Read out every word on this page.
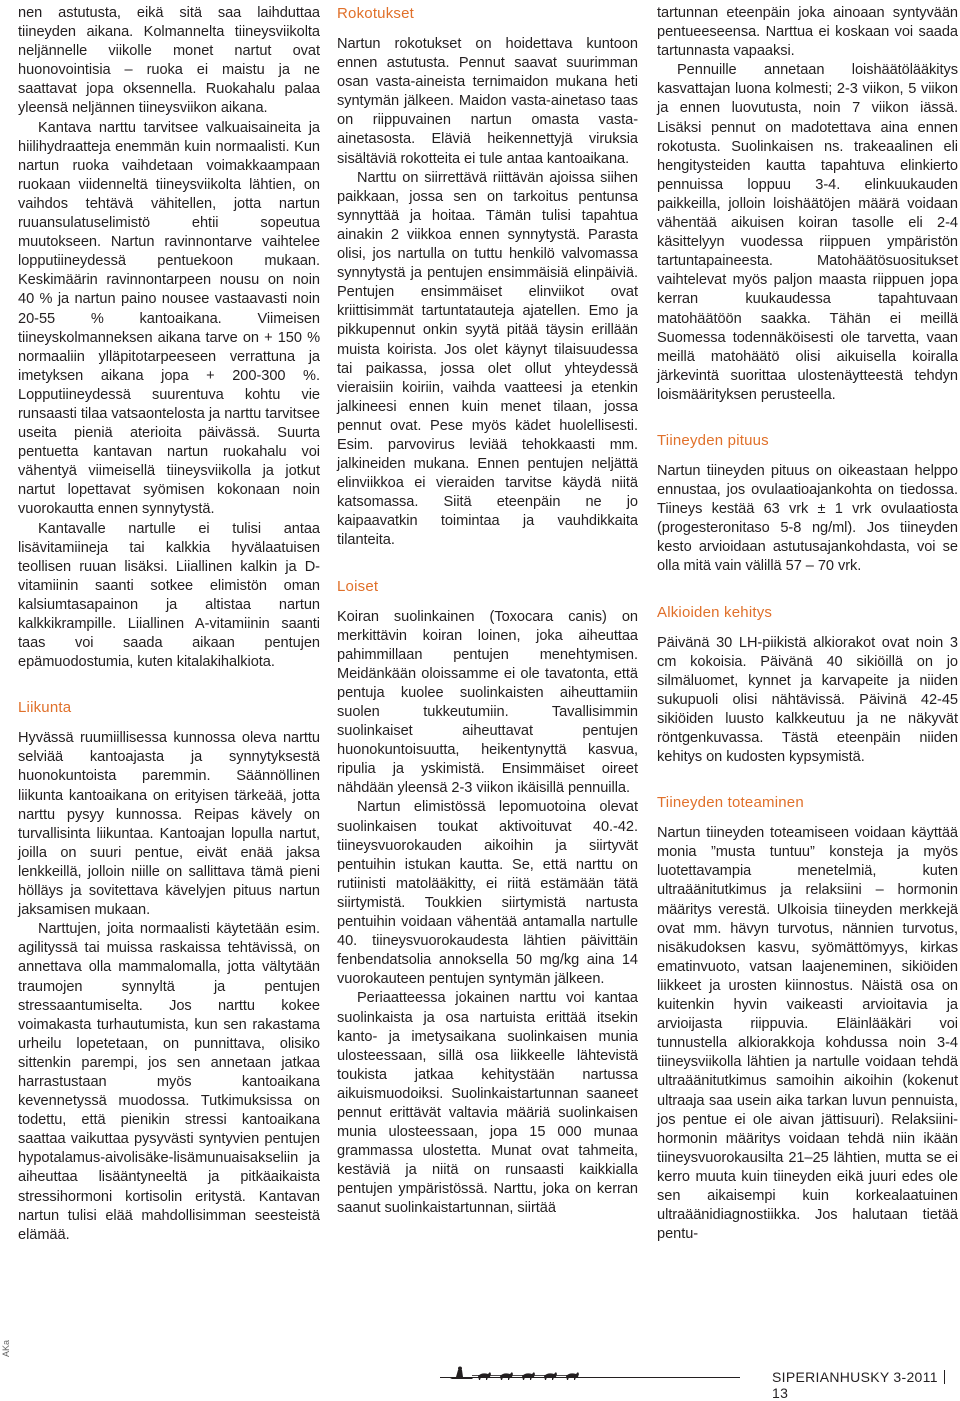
nen astutusta, eikä sitä saa laihduttaa tiineyden aikana. Kolmannelta tiineysviikolta neljännelle viikolle monet nartut ovat huonovointisia – ruoka ei maistu ja ne saattavat jopa oksennella. Ruokahalu palaa yleensä neljännen tiineysviikon aikana.

Kantava narttu tarvitsee valkuaisaineita ja hiilihydraatteja enemmän kuin normaalisti. Kun nartun ruoka vaihdetaan voimakkaampaan ruokaan viidenneltä tiineysviikolta lähtien, on vaihdos tehtävä vähitellen, jotta nartun ruuansulatuselimistö ehtii sopeutua muutokseen. Nartun ravinnontarve vaihtelee lopputiineydessä pentuekoon mukaan. Keskimäärin ravinnontarpeen nousu on noin 40 % ja nartun paino nousee vastaavasti noin 20-55 % kantoaikana. Viimeisen tiineyskolmanneksen aikana tarve on + 150 % normaaliin ylläpitotarpeeseen verrattuna ja imetyksen aikana jopa + 200-300 %. Lopputiineydessä suurentuva kohtu vie runsaasti tilaa vatsaontelosta ja narttu tarvitsee useita pieniä aterioita päivässä. Suurta pentuetta kantavan nartun ruokahalu voi vähentyä viimeisellä tiineysviikolla ja jotkut nartut lopettavat syömisen kokonaan noin vuorokautta ennen synnytystä.

Kantavalle nartulle ei tulisi antaa lisävitamiineja tai kalkkia hyvälaatuisen teollisen ruuan lisäksi. Liiallinen kalkin ja D-vitamiinin saanti sotkee elimistön oman kalsiumtasapainon ja altistaa nartun kalkkikrampille. Liiallinen A-vitamiinin saanti taas voi saada aikaan pentujen epämuodostumia, kuten kitalakihalkiota.

Liikunta

Hyvässä ruumiillisessa kunnossa oleva narttu selviää kantoajasta ja synnytyksestä huonokuntoista paremmin. Säännöllinen liikunta kantoaikana on erityisen tärkeää, jotta narttu pysyy kunnossa. Reipas kävely on turvallisinta liikuntaa. Kantoajan lopulla nartut, joilla on suuri pentue, eivät enää jaksa lenkkeillä, jolloin niille on sallittava tämä pieni hölläys ja sovitettava kävelyjen pituus nartun jaksamisen mukaan.

Narttujen, joita normaalisti käytetään esim. agilityssä tai muissa raskaissa tehtävissä, on annettava olla mammalomalla, jotta vältytään traumojen synnyltä ja pentujen stressaantumiselta. Jos narttu kokee voimakasta turhautumista, kun sen rakastama urheilu lopetetaan, on punnittava, olisiko sittenkin parempi, jos sen annetaan jatkaa harrastustaan myös kantoaikana kevennetyssä muodossa. Tutkimuksissa on todettu, että pienikin stressi kantoaikana saattaa vaikuttaa pysyvästi syntyvien pentujen hypotalamus-aivolisäke-lisämunuaisakseliin ja aiheuttaa lisääntyneeltä ja pitkäaikaista stressihormoni kortisolin eritystä. Kantavan nartun tulisi elää mahdollisimman seesteistä elämää.

Rokotukset

Nartun rokotukset on hoidettava kuntoon ennen astutusta. Pennut saavat suurimman osan vasta-aineista ternimaidon mukana heti syntymän jälkeen. Maidon vasta-ainetaso taas on riippuvainen nartun omasta vasta-ainetasosta. Eläviä heikennettyjä viruksia sisältäviä rokotteita ei tule antaa kantoaikana.

Narttu on siirrettävä riittävän ajoissa siihen paikkaan, jossa sen on tarkoitus pentunsa synnyttää ja hoitaa. Tämän tulisi tapahtua ainakin 2 viikkoa ennen synnytystä. Parasta olisi, jos nartulla on tuttu henkilö valvomassa synnytystä ja pentujen ensimmäisiä elinpäiviä. Pentujen ensimmäiset elinviikot ovat kriittisimmät tartuntatauteja ajatellen. Emo ja pikkupennut onkin syytä pitää täysin erillään muista koirista. Jos olet käynyt tilaisuudessa tai paikassa, jossa olet ollut yhteydessä vieraisiin koiriin, vaihda vaatteesi ja etenkin jalkineesi ennen kuin menet tilaan, jossa pennut ovat. Pese myös kädet huolellisesti. Esim. parvovirus leviää tehokkaasti mm. jalkineiden mukana. Ennen pentujen neljättä elinviikkoa ei vieraiden tarvitse käydä niitä katsomassa. Siitä eteenpäin ne jo kaipaavatkin toimintaa ja vauhdikkaita tilanteita.

Loiset

Koiran suolinkainen (Toxocara canis) on merkittävin koiran loinen, joka aiheuttaa pahimmillaan pentujen menehtymisen. Meidänkään oloissamme ei ole tavatonta, että pentuja kuolee suolinkaisten aiheuttamiin suolen tukkeutumiin. Tavallisimmin suolinkaiset aiheuttavat pentujen huonokuntoisuutta, heikentynyttä kasvua, ripulia ja yskimistä. Ensimmäiset oireet nähdään yleensä 2-3 viikon ikäisillä pennuilla.

Nartun elimistössä lepomuotoina olevat suolinkaisen toukat aktivoituvat 40.-42. tiineysvuorokauden aikoihin ja siirtyvät pentuihin istukan kautta. Se, että narttu on rutiinisti matolääkitty, ei riitä estämään tätä siirtymistä. Toukkien siirtymistä nartusta pentuihin voidaan vähentää antamalla nartulle 40. tiineysvuorokaudesta lähtien päivittäin fenbendatsolia annoksella 50 mg/kg aina 14 vuorokauteen pentujen syntymän jälkeen.

Periaatteessa jokainen narttu voi kantaa suolinkaista ja osa nartuista erittää itsekin kanto- ja imetysaikana suolinkaisen munia ulosteessaan, sillä osa liikkeelle lähtevistä toukista jatkaa kehitystään nartussa aikuismuodoiksi. Suolinkaistartunnan saaneet pennut erittävät valtavia määriä suolinkaisen munia ulosteessaan, jopa 15 000 munaa grammassa ulostetta. Munat ovat tahmeita, kestäviä ja niitä on runsaasti kaikkialla pentujen ympäristössä. Narttu, joka on kerran saanut suolinkaistartunnan, siirtää

tartunnan eteenpäin joka ainoaan syntyvään pentueeseensa. Narttua ei koskaan voi saada tartunnasta vapaaksi.

Pennuille annetaan loishäätölääkitys kasvattajan luona kolmesti; 2-3 viikon, 5 viikon ja ennen luovutusta, noin 7 viikon iässä. Lisäksi pennut on madotettava aina ennen rokotusta. Suolinkaisen ns. trakeaalinen eli hengitysteiden kautta tapahtuva elinkierto pennuissa loppuu 3-4. elinkuukauden paikkeilla, jolloin loishäätöjen määrä voidaan vähentää aikuisen koiran tasolle eli 2-4 käsittelyyn vuodessa riippuen ympäristön tartuntapaineesta. Matohäätösuositukset vaihtelevat myös paljon maasta riippuen jopa kerran kuukaudessa tapahtuvaan matohäätöön saakka. Tähän ei meillä Suomessa todennäköisesti ole tarvetta, vaan meillä matohäätö olisi aikuisella koiralla järkevintä suorittaa ulostenäytteestä tehdyn loismäärityksen perusteella.

Tiineyden pituus

Nartun tiineyden pituus on oikeastaan helppo ennustaa, jos ovulaatioajankohta on tiedossa. Tiineys kestää 63 vrk ± 1 vrk ovulaatiosta (progesteronitaso 5-8 ng/ml). Jos tiineyden kesto arvioidaan astutusajankohdasta, voi se olla mitä vain välillä 57 – 70 vrk.

Alkioiden kehitys

Päivänä 30 LH-piikistä alkiorakot ovat noin 3 cm kokoisia. Päivänä 40 sikiöillä on jo silmäluomet, kynnet ja karvapeite ja niiden sukupuoli olisi nähtävissä. Päivinä 42-45 sikiöiden luusto kalkkeutuu ja ne näkyvät röntgenkuvassa. Tästä eteenpäin niiden kehitys on kudosten kypsymistä.

Tiineyden toteaminen

Nartun tiineyden toteamiseen voidaan käyttää monia ”musta tuntuu” konsteja ja myös luotettavampia menetelmiä, kuten ultraäänitutkimus ja relaksiini – hormonin määritys verestä. Ulkoisia tiineyden merkkejä ovat mm. hävyn turvotus, nännien turvotus, nisäkudoksen kasvu, syömättömyys, kirkas ematinvuoto, vatsan laajeneminen, sikiöiden liikkeet ja urosten kiinnostus. Näistä osa on kuitenkin hyvin vaikeasti arvioitavia ja arvioijasta riippuvia. Eläinlääkäri voi tunnustella alkiorakkoja kohdussa noin 3-4 tiineysviikolla lähtien ja nartulle voidaan tehdä ultraäänitutkimus samoihin aikoihin (kokenut ultraaja saa usein aika tarkan luvun pennuista, jos pentue ei ole aivan jättisuuri). Relaksiini-hormonin määritys voidaan tehdä niin ikään tiineysvuorokausilta 21–25 lähtien, mutta se ei kerro muuta kuin tiineyden eikä juuri edes ole sen aikaisempi kuin korkealaatuinen ultraäänidiagnostiikka. Jos halutaan tietää pentu-

AKa
SIPERIANHUSKY 3-201113
